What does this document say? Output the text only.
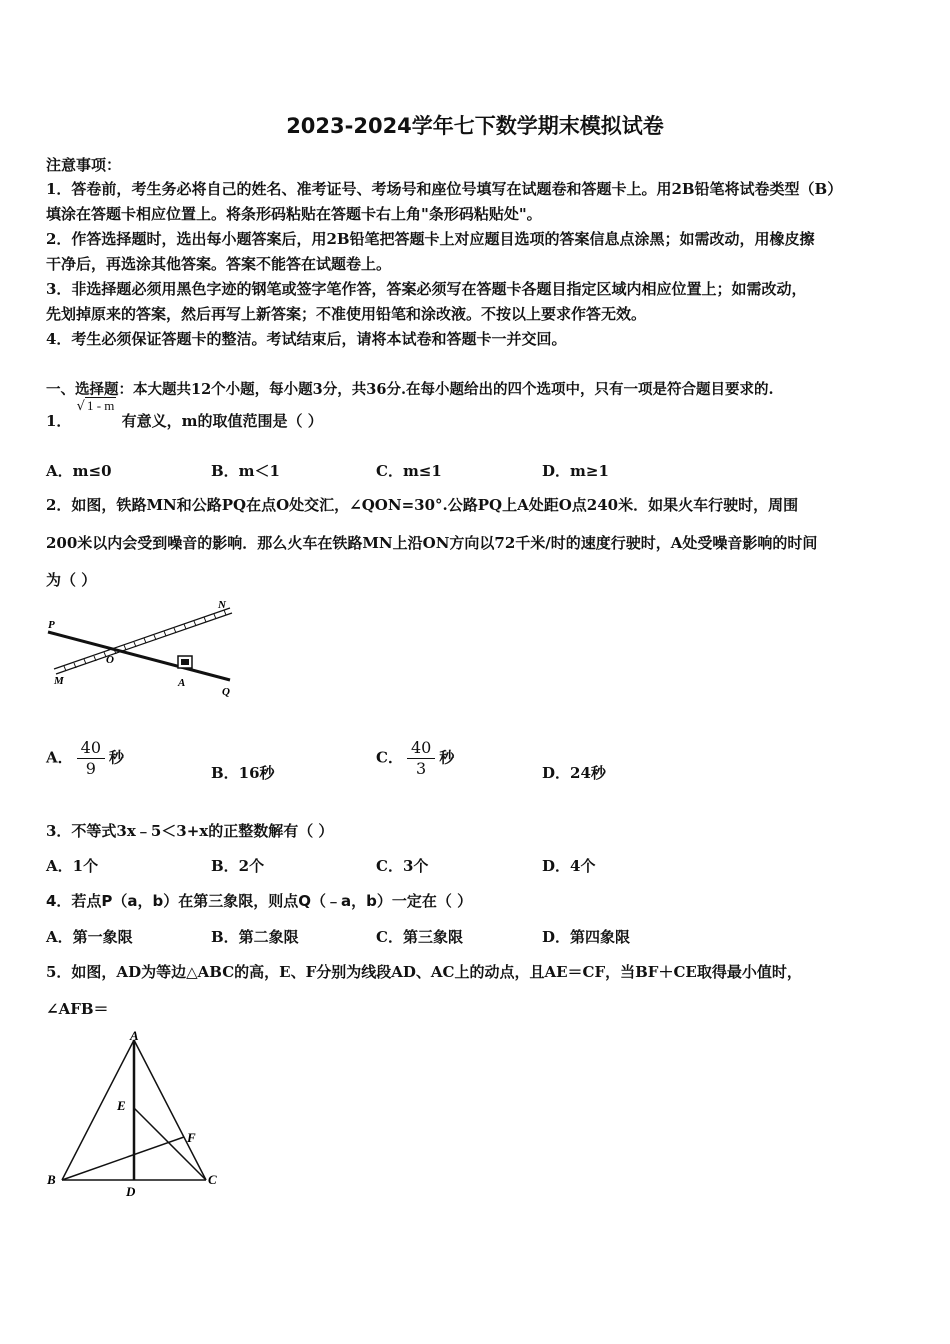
2023-2024学年七下数学期末模拟试卷
注意事项：
1．答卷前，考生务必将自己的姓名、准考证号、考场号和座位号填写在试题卷和答题卡上。用2B铅笔将试卷类型（B）
填涂在答题卡相应位置上。将条形码粘贴在答题卡右上角"条形码粘贴处"。
2．作答选择题时，选出每小题答案后，用2B铅笔把答题卡上对应题目选项的答案信息点涂黑；如需改动，用橡皮擦
干净后，再选涂其他答案。答案不能答在试题卷上。
3．非选择题必须用黑色字迹的钢笔或签字笔作答，答案必须写在答题卡各题目指定区域内相应位置上；如需改动，
先划掉原来的答案，然后再写上新答案；不准使用铅笔和涂改液。不按以上要求作答无效。
4．考生必须保证答题卡的整洁。考试结束后，请将本试卷和答题卡一并交回。
一、选择题：本大题共12个小题，每小题3分，共36分.在每小题给出的四个选项中，只有一项是符合题目要求的.
1． √ 1 - m 有意义，m的取值范围是（ ）
A．m≤0	B．m＜1	C．m≤1	D．m≥1
2．如图，铁路MN和公路PQ在点O处交汇，∠QON=30°.公路PQ上A处距O点240米．如果火车行驶时，周围
200米以内会受到噪音的影响．那么火车在铁路MN上沿ON方向以72千米/时的速度行驶时，A处受噪音影响的时间
为（ ）
P
N
O
M	A
Q
A． $\frac{40}{9}$ 秒
B．16秒
C． $\frac{40}{3}$ 秒
D．24秒
3．不等式3x﹣5＜3+x的正整数解有（ ）
A．1个	B．2个	C．3个	D．4个
4．若点P（a，b）在第三象限，则点Q（﹣a，b）一定在（ ）
A．第一象限	B．第二象限	C．第三象限	D．第四象限
5．如图，AD为等边△ABC的高，E、F分别为线段AD、AC上的动点，且AE＝CF，当BF＋CE取得最小值时，
∠AFB＝
A
E
F
B
D
C
